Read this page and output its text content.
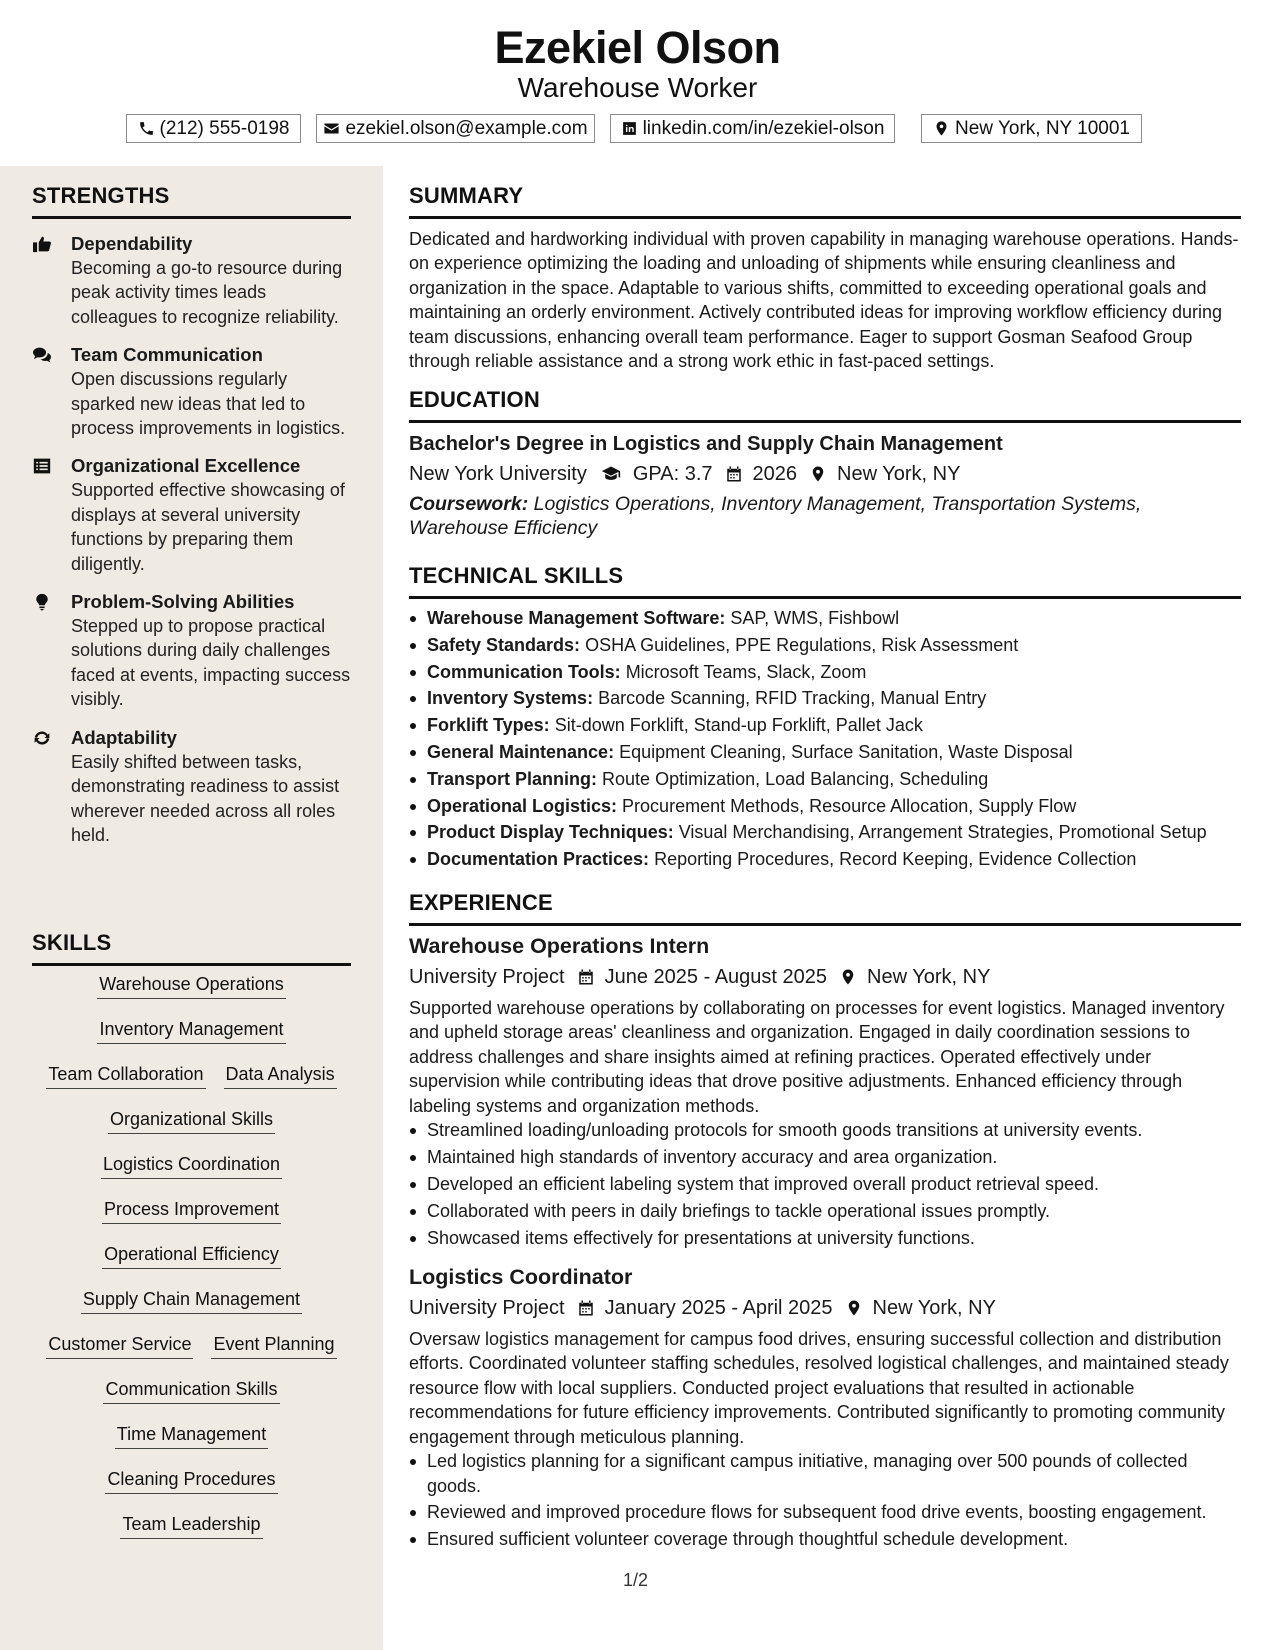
Ezekiel Olson
Warehouse Worker
(212) 555-0198	ezekiel.olson@example.com	linkedin.com/in/ezekiel-olson	New York, NY 10001
STRENGTHS
Dependability
Becoming a go-to resource during peak activity times leads colleagues to recognize reliability.
Team Communication
Open discussions regularly sparked new ideas that led to process improvements in logistics.
Organizational Excellence
Supported effective showcasing of displays at several university functions by preparing them diligently.
Problem-Solving Abilities
Stepped up to propose practical solutions during daily challenges faced at events, impacting success visibly.
Adaptability
Easily shifted between tasks, demonstrating readiness to assist wherever needed across all roles held.
SKILLS
Warehouse Operations
Inventory Management
Team Collaboration Data Analysis
Organizational Skills
Logistics Coordination
Process Improvement
Operational Efficiency
Supply Chain Management
Customer Service Event Planning
Communication Skills
Time Management
Cleaning Procedures
Team Leadership
SUMMARY
Dedicated and hardworking individual with proven capability in managing warehouse operations. Hands-on experience optimizing the loading and unloading of shipments while ensuring cleanliness and organization in the space. Adaptable to various shifts, committed to exceeding operational goals and maintaining an orderly environment. Actively contributed ideas for improving workflow efficiency during team discussions, enhancing overall team performance. Eager to support Gosman Seafood Group through reliable assistance and a strong work ethic in fast-paced settings.
EDUCATION
Bachelor's Degree in Logistics and Supply Chain Management
New York University GPA: 3.7 2026 New York, NY
Coursework: Logistics Operations, Inventory Management, Transportation Systems, Warehouse Efficiency
TECHNICAL SKILLS
Warehouse Management Software: SAP, WMS, Fishbowl
Safety Standards: OSHA Guidelines, PPE Regulations, Risk Assessment
Communication Tools: Microsoft Teams, Slack, Zoom
Inventory Systems: Barcode Scanning, RFID Tracking, Manual Entry
Forklift Types: Sit-down Forklift, Stand-up Forklift, Pallet Jack
General Maintenance: Equipment Cleaning, Surface Sanitation, Waste Disposal
Transport Planning: Route Optimization, Load Balancing, Scheduling
Operational Logistics: Procurement Methods, Resource Allocation, Supply Flow
Product Display Techniques: Visual Merchandising, Arrangement Strategies, Promotional Setup
Documentation Practices: Reporting Procedures, Record Keeping, Evidence Collection
EXPERIENCE
Warehouse Operations Intern
University Project June 2025 - August 2025 New York, NY
Supported warehouse operations by collaborating on processes for event logistics. Managed inventory and upheld storage areas' cleanliness and organization. Engaged in daily coordination sessions to address challenges and share insights aimed at refining practices. Operated effectively under supervision while contributing ideas that drove positive adjustments. Enhanced efficiency through labeling systems and organization methods.
Streamlined loading/unloading protocols for smooth goods transitions at university events.
Maintained high standards of inventory accuracy and area organization.
Developed an efficient labeling system that improved overall product retrieval speed.
Collaborated with peers in daily briefings to tackle operational issues promptly.
Showcased items effectively for presentations at university functions.
Logistics Coordinator
University Project January 2025 - April 2025 New York, NY
Oversaw logistics management for campus food drives, ensuring successful collection and distribution efforts. Coordinated volunteer staffing schedules, resolved logistical challenges, and maintained steady resource flow with local suppliers. Conducted project evaluations that resulted in actionable recommendations for future efficiency improvements. Contributed significantly to promoting community engagement through meticulous planning.
Led logistics planning for a significant campus initiative, managing over 500 pounds of collected goods.
Reviewed and improved procedure flows for subsequent food drive events, boosting engagement.
Ensured sufficient volunteer coverage through thoughtful schedule development.
1/2
